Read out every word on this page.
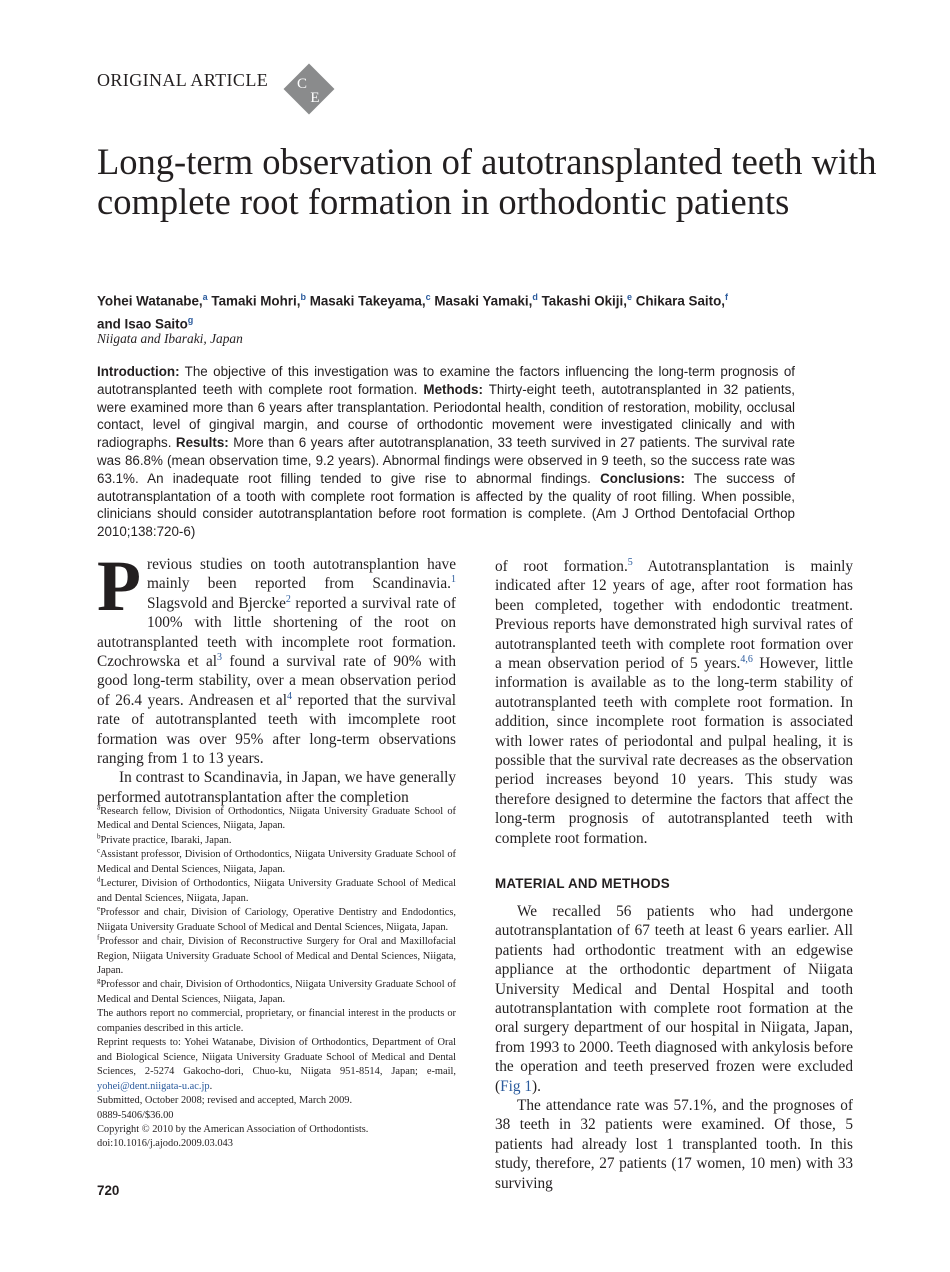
ORIGINAL ARTICLE C
E
Long-term observation of autotransplanted teeth with complete root formation in orthodontic patients
Yohei Watanabe,$^a$ Tamaki Mohri,$^b$ Masaki Takeyama,$^c$ Masaki Yamaki,$^d$ Takashi Okiji,$^e$ Chikara Saito,$^f$
and Isao Saito$^g$
Niigata and Ibaraki, Japan
Introduction: The objective of this investigation was to examine the factors influencing the long-term prognosis of autotransplanted teeth with complete root formation. Methods: Thirty-eight teeth, autotransplanted in 32 patients, were examined more than 6 years after transplantation. Periodontal health, condition of restoration, mobility, occlusal contact, level of gingival margin, and course of orthodontic movement were investigated clinically and with radiographs. Results: More than 6 years after autotransplanation, 33 teeth survived in 27 patients. The survival rate was 86.8% (mean observation time, 9.2 years). Abnormal findings were observed in 9 teeth, so the success rate was 63.1%. An inadequate root filling tended to give rise to abnormal findings. Conclusions: The success of autotransplantation of a tooth with complete root formation is affected by the quality of root filling. When possible, clinicians should consider autotransplantation before root formation is complete. (Am J Orthod Dentofacial Orthop 2010;138:720-6)

Previous studies on tooth autotransplantion have mainly been reported from Scandinavia.$^1$ Slagsvold and Bjercke$^2$ reported a survival rate of 100% with little shortening of the root on autotransplanted teeth with incomplete root formation. Czochrowska et $al^3$ found a survival rate of 90% with good long-term stability, over a mean observation period of 26.4 years. Andreasen et $al^4$ reported that the survival rate of autotransplanted teeth with imcomplete root formation was over 95% after long-term observations ranging from 1 to 13 years.

In contrast to Scandinavia, in Japan, we have generally performed autotransplantation after the completion

$^a$Research fellow, Division of Orthodontics, Niigata University Graduate School of Medical and Dental Sciences, Niigata, Japan.

$^b$Private practice, Ibaraki, Japan.

$^c$Assistant professor, Division of Orthodontics, Niigata University Graduate School of Medical and Dental Sciences, Niigata, Japan.

$^d$Lecturer, Division of Orthodontics, Niigata University Graduate School of Medical and Dental Sciences, Niigata, Japan.

$^e$Professor and chair, Division of Cariology, Operative Dentistry and Endodontics, Niigata University Graduate School of Medical and Dental Sciences, Niigata, Japan.

$^f$Professor and chair, Division of Reconstructive Surgery for Oral and Maxillofacial Region, Niigata University Graduate School of Medical and Dental Sciences, Niigata, Japan.

$^g$Professor and chair, Division of Orthodontics, Niigata University Graduate School of Medical and Dental Sciences, Niigata, Japan.

The authors report no commercial, proprietary, or financial interest in the products or companies described in this article.

Reprint requests to: Yohei Watanabe, Division of Orthodontics, Department of Oral and Biological Science, Niigata University Graduate School of Medical and Dental Sciences, 2-5274 Gakocho-dori, Chuo-ku, Niigata 951-8514, Japan; e-mail, yohei@dent.niigata-u.ac.jp.

Submitted, October 2008; revised and accepted, March 2009.

0889-5406/$36.00

Copyright © 2010 by the American Association of Orthodontists.

doi:10.1016/j.ajodo.2009.03.043

of root formation.$^5$ Autotransplantation is mainly indicated after 12 years of age, after root formation has been completed, together with endodontic treatment. Previous reports have demonstrated high survival rates of autotransplanted teeth with complete root formation over a mean observation period of 5 years.$^{4,6}$ However, little information is available as to the long-term stability of autotransplanted teeth with complete root formation. In addition, since incomplete root formation is associated with lower rates of periodontal and pulpal healing, it is possible that the survival rate decreases as the observation period increases beyond 10 years. This study was therefore designed to determine the factors that affect the long-term prognosis of autotransplanted teeth with complete root formation.

MATERIAL AND METHODS

We recalled 56 patients who had undergone autotransplantation of 67 teeth at least 6 years earlier. All patients had orthodontic treatment with an edgewise appliance at the orthodontic department of Niigata University Medical and Dental Hospital and tooth autotransplantation with complete root formation at the oral surgery department of our hospital in Niigata, Japan, from 1993 to 2000. Teeth diagnosed with ankylosis before the operation and teeth preserved frozen were excluded (Fig 1).

The attendance rate was 57.1%, and the prognoses of 38 teeth in 32 patients were examined. Of those, 5 patients had already lost 1 transplanted tooth. In this study, therefore, 27 patients (17 women, 10 men) with 33 surviving

720
